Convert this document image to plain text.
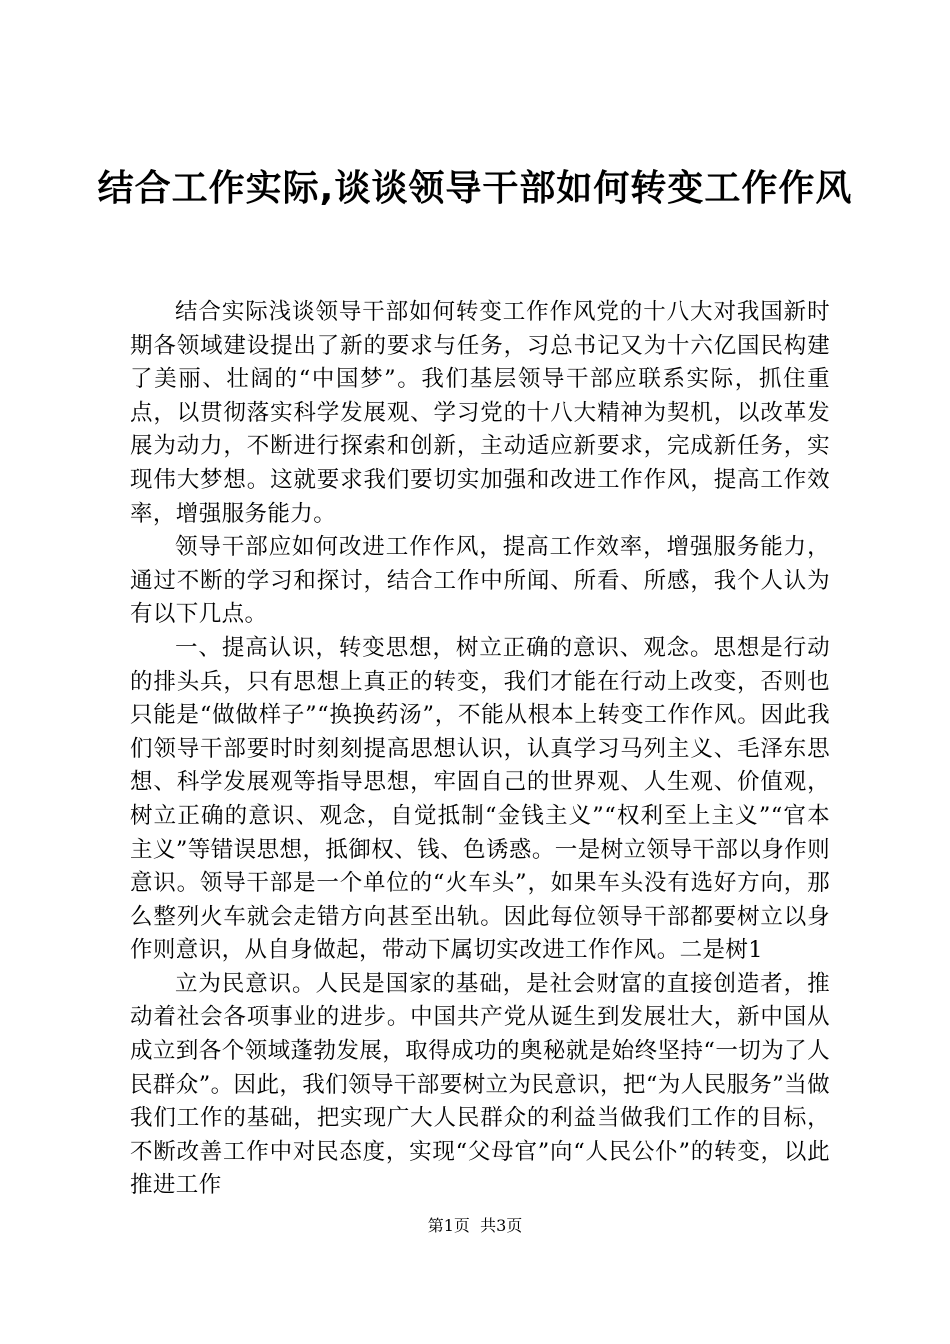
结合工作实际,谈谈领导干部如何转变工作作风

结合实际浅谈领导干部如何转变工作作风党的十八大对我国新时期各领域建设提出了新的要求与任务，习总书记又为十六亿国民构建了美丽、壮阔的“中国梦”。我们基层领导干部应联系实际，抓住重点，以贯彻落实科学发展观、学习党的十八大精神为契机，以改革发展为动力，不断进行探索和创新，主动适应新要求，完成新任务，实现伟大梦想。这就要求我们要切实加强和改进工作作风，提高工作效率，增强服务能力。

领导干部应如何改进工作作风，提高工作效率，增强服务能力，通过不断的学习和探讨，结合工作中所闻、所看、所感，我个人认为有以下几点。

一、提高认识，转变思想，树立正确的意识、观念。思想是行动的排头兵，只有思想上真正的转变，我们才能在行动上改变，否则也只能是“做做样子”“换换药汤”，不能从根本上转变工作作风。因此我们领导干部要时时刻刻提高思想认识，认真学习马列主义、毛泽东思想、科学发展观等指导思想，牢固自己的世界观、人生观、价值观，树立正确的意识、观念，自觉抵制“金钱主义”“权利至上主义”“官本主义”等错误思想，抵御权、钱、色诱惑。一是树立领导干部以身作则意识。领导干部是一个单位的“火车头”，如果车头没有选好方向，那么整列火车就会走错方向甚至出轨。因此每位领导干部都要树立以身作则意识，从自身做起，带动下属切实改进工作作风。二是树1

立为民意识。人民是国家的基础，是社会财富的直接创造者，推动着社会各项事业的进步。中国共产党从诞生到发展壮大，新中国从成立到各个领域蓬勃发展，取得成功的奥秘就是始终坚持“一切为了人民群众”。因此，我们领导干部要树立为民意识，把“为人民服务”当做我们工作的基础，把实现广大人民群众的利益当做我们工作的目标，不断改善工作中对民态度，实现“父母官”向“人民公仆”的转变，以此推进工作

第1页 共3页
